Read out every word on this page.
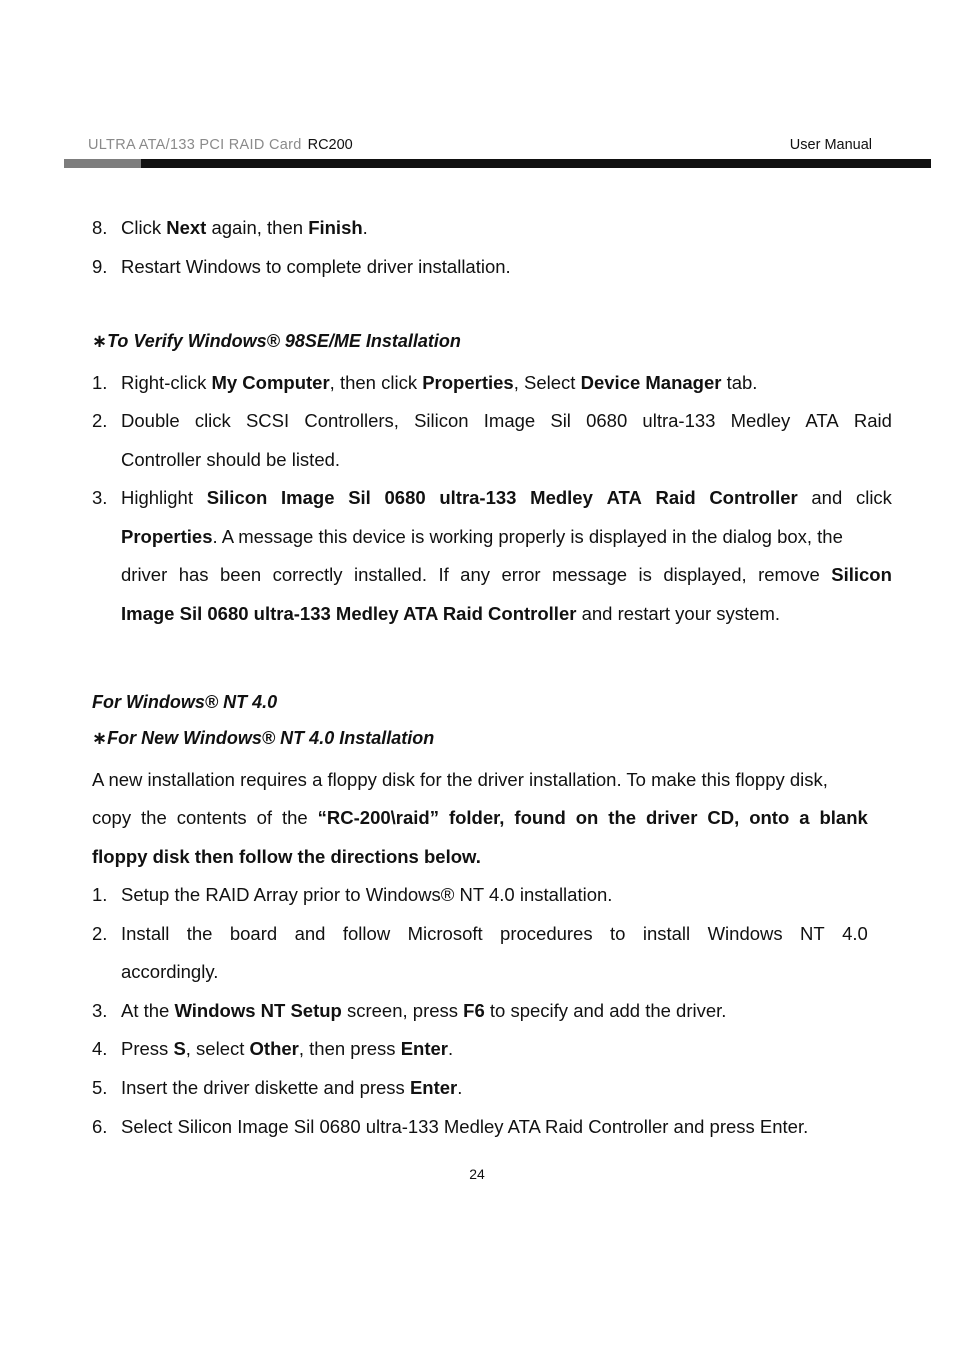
ULTRA ATA/133 PCI RAID Card RC200	User Manual
8. Click Next again, then Finish.
9. Restart Windows to complete driver installation.
∗To Verify Windows® 98SE/ME Installation
1. Right-click My Computer, then click Properties, Select Device Manager tab.
2. Double click SCSI Controllers, Silicon Image Sil 0680 ultra-133 Medley ATA Raid
Controller should be listed.
3. Highlight Silicon Image Sil 0680 ultra-133 Medley ATA Raid Controller and click
Properties. A message this device is working properly is displayed in the dialog box, the
driver has been correctly installed. If any error message is displayed, remove Silicon
Image Sil 0680 ultra-133 Medley ATA Raid Controller and restart your system.
For Windows® NT 4.0
∗For New Windows® NT 4.0 Installation
A new installation requires a floppy disk for the driver installation. To make this floppy disk,
copy the contents of the “RC-200\raid” folder, found on the driver CD, onto a blank
floppy disk then follow the directions below.
1. Setup the RAID Array prior to Windows® NT 4.0 installation.
2. Install the board and follow Microsoft procedures to install Windows NT 4.0
accordingly.
3. At the Windows NT Setup screen, press F6 to specify and add the driver.
4. Press S, select Other, then press Enter.
5. Insert the driver diskette and press Enter.
6. Select Silicon Image Sil 0680 ultra-133 Medley ATA Raid Controller and press Enter.
24
